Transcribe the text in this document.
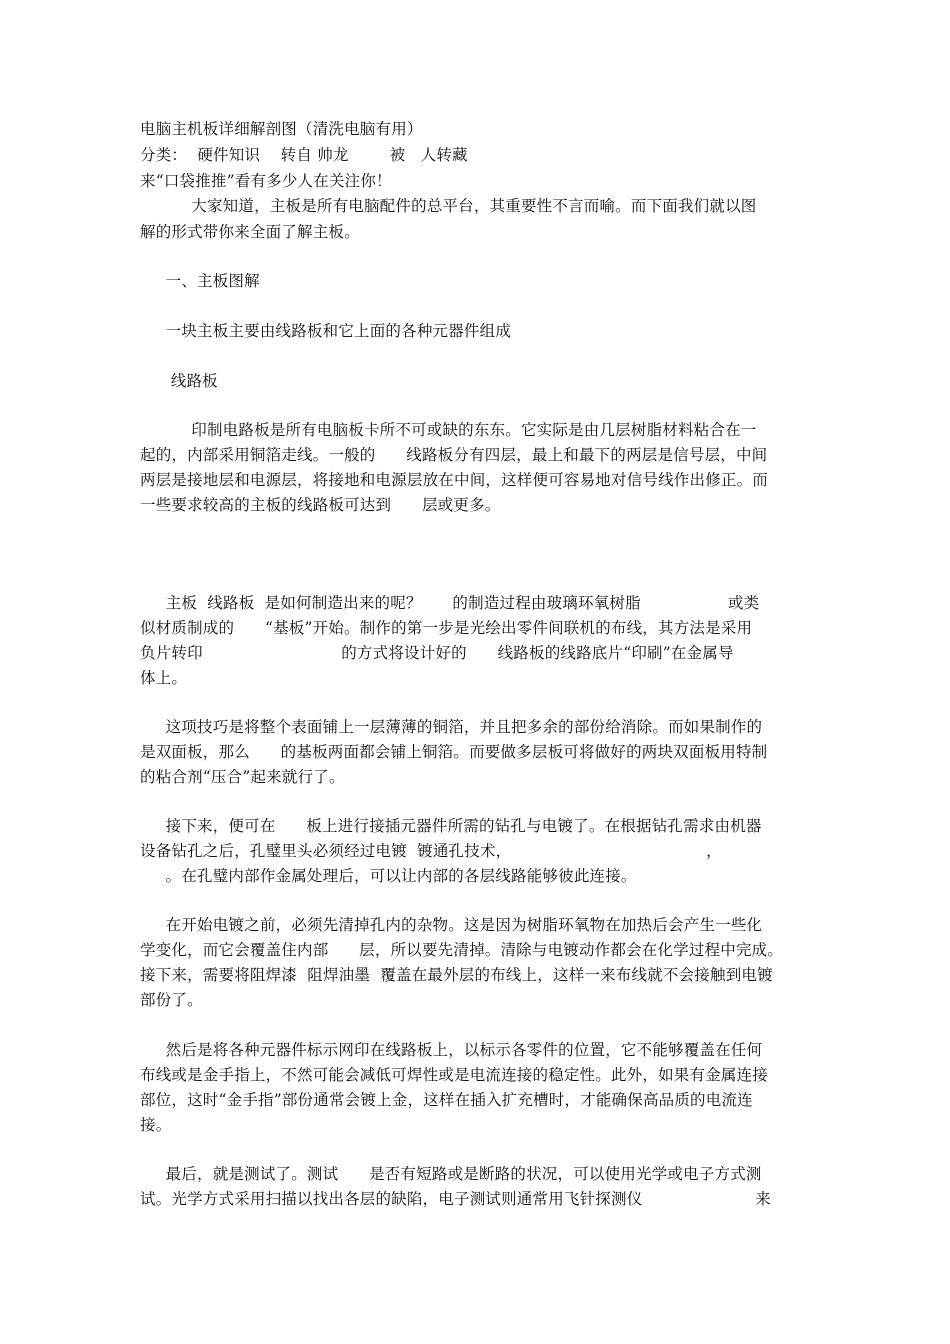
电脑主机板详细解剖图（清洗电脑有用）
分类：  硬件知识    转自 帅龙        被   人转藏
来“口袋推推”看有多少人在关注你！
大家知道，主板是所有电脑配件的总平台，其重要性不言而喻。而下面我们就以图
解的形式带你来全面了解主板。
一、主板图解
一块主板主要由线路板和它上面的各种元器件组成
线路板
印制电路板是所有电脑板卡所不可或缺的东东。它实际是由几层树脂材料粘合在一
起的，内部采用铜箔走线。一般的      线路板分有四层，最上和最下的两层是信号层，中间
两层是接地层和电源层，将接地和电源层放在中间，这样便可容易地对信号线作出修正。而
一些要求较高的主板的线路板可达到      层或更多。
主板  线路板  是如何制造出来的呢？      的制造过程由玻璃环氧树脂                 或类
似材质制成的      “基板”开始。制作的第一步是光绘出零件间联机的布线，其方法是采用
负片转印                           的方式将设计好的      线路板的线路底片“印刷”在金属导
体上。
这项技巧是将整个表面铺上一层薄薄的铜箔，并且把多余的部份给消除。而如果制作的
是双面板，那么      的基板两面都会铺上铜箔。而要做多层板可将做好的两块双面板用特制
的粘合剂“压合”起来就行了。
接下来，便可在      板上进行接插元器件所需的钻孔与电镀了。在根据钻孔需求由机器
设备钻孔之后，孔璧里头必须经过电镀  镀通孔技术，                                      ，
。在孔璧内部作金属处理后，可以让内部的各层线路能够彼此连接。
在开始电镀之前，必须先清掉孔内的杂物。这是因为树脂环氧物在加热后会产生一些化
学变化，而它会覆盖住内部      层，所以要先清掉。清除与电镀动作都会在化学过程中完成。
接下来，需要将阻焊漆  阻焊油墨  覆盖在最外层的布线上，这样一来布线就不会接触到电镀
部份了。
然后是将各种元器件标示网印在线路板上，以标示各零件的位置，它不能够覆盖在任何
布线或是金手指上，不然可能会减低可焊性或是电流连接的稳定性。此外，如果有金属连接
部位，这时“金手指”部份通常会镀上金，这样在插入扩充槽时，才能确保高品质的电流连
接。
最后，就是测试了。测试      是否有短路或是断路的状况，可以使用光学或电子方式测
试。光学方式采用扫描以找出各层的缺陷，电子测试则通常用飞针探测仪                      来
